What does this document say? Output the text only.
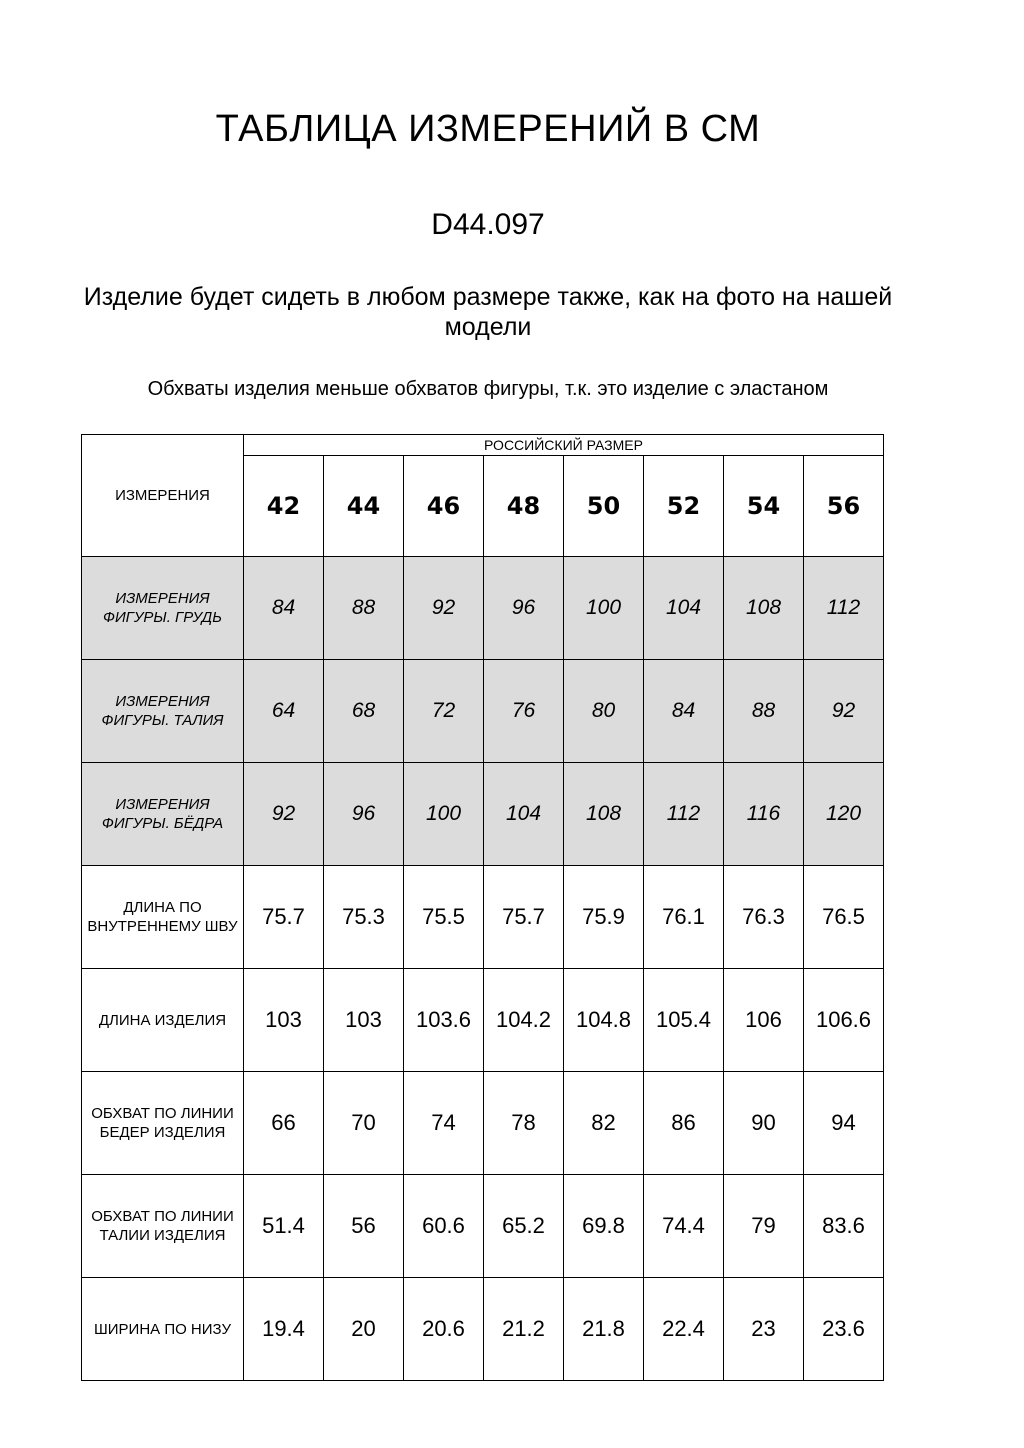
ТАБЛИЦА ИЗМЕРЕНИЙ В СМ
D44.097
Изделие будет сидеть в любом размере также, как на фото на нашей модели
Обхваты изделия меньше обхватов фигуры, т.к. это изделие с эластаном
ИЗМЕРЕНИЯ	РОССИЙСКИЙ РАЗМЕР							
	42	44	46	48	50	52	54	56
ИЗМЕРЕНИЯ ФИГУРЫ. ГРУДЬ	84	88	92	96	100	104	108	112
ИЗМЕРЕНИЯ ФИГУРЫ. ТАЛИЯ	64	68	72	76	80	84	88	92
ИЗМЕРЕНИЯ ФИГУРЫ. БЁДРА	92	96	100	104	108	112	116	120
ДЛИНА ПО ВНУТРЕННЕМУ ШВУ	75.7	75.3	75.5	75.7	75.9	76.1	76.3	76.5
ДЛИНА ИЗДЕЛИЯ	103	103	103.6	104.2	104.8	105.4	106	106.6
ОБХВАТ ПО ЛИНИИ БЕДЕР ИЗДЕЛИЯ	66	70	74	78	82	86	90	94
ОБХВАТ ПО ЛИНИИ ТАЛИИ ИЗДЕЛИЯ	51.4	56	60.6	65.2	69.8	74.4	79	83.6
ШИРИНА ПО НИЗУ	19.4	20	20.6	21.2	21.8	22.4	23	23.6
